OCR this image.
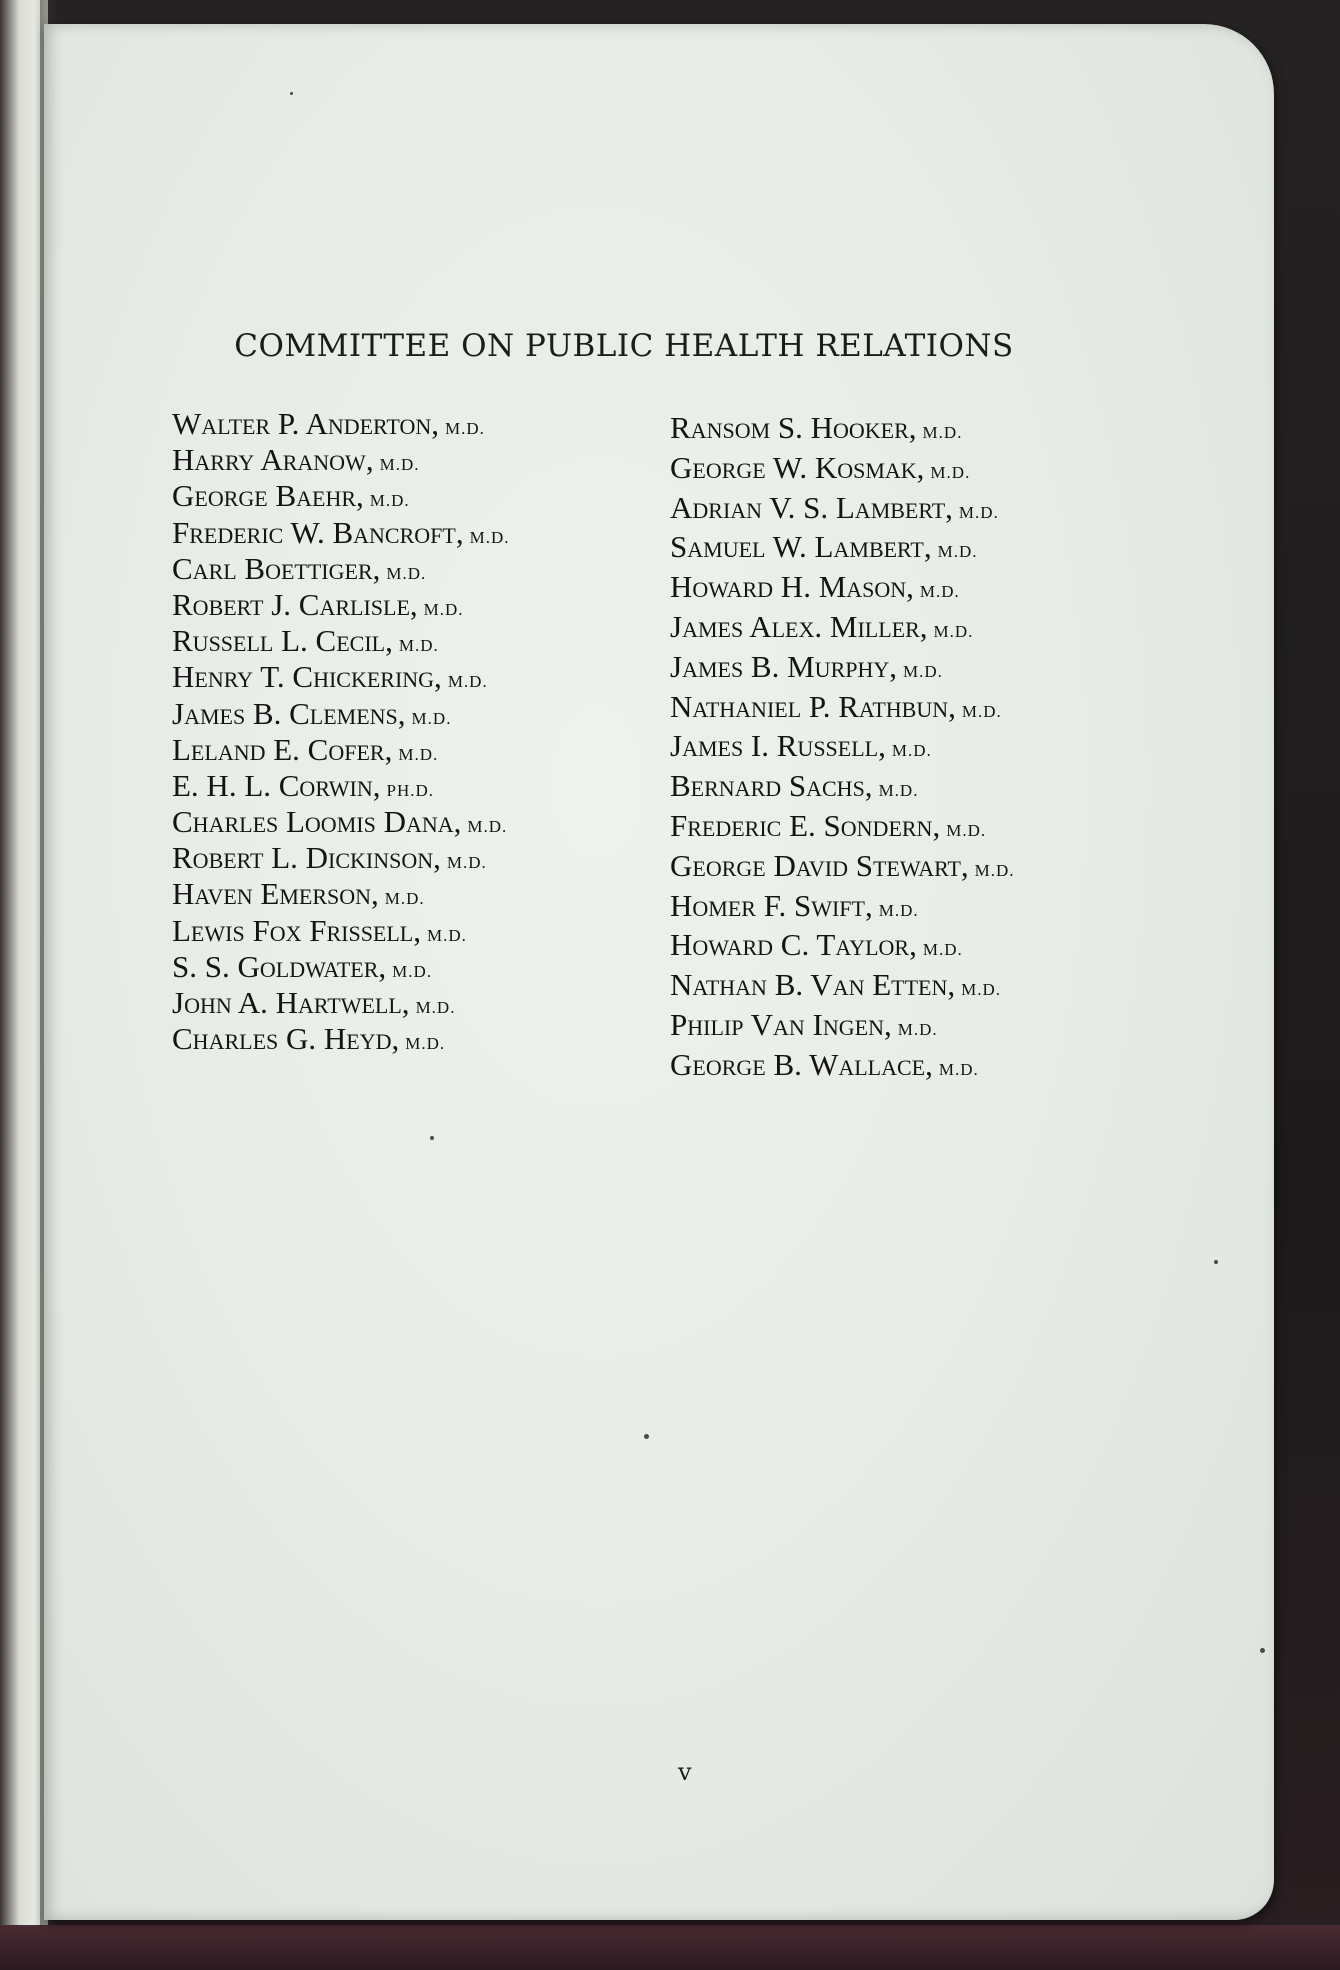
COMMITTEE ON PUBLIC HEALTH RELATIONS
Walter P. Anderton, m.d.
Harry Aranow, m.d.
George Baehr, m.d.
Frederic W. Bancroft, m.d.
Carl Boettiger, m.d.
Robert J. Carlisle, m.d.
Russell L. Cecil, m.d.
Henry T. Chickering, m.d.
James B. Clemens, m.d.
Leland E. Cofer, m.d.
E. H. L. Corwin, ph.d.
Charles Loomis Dana, m.d.
Robert L. Dickinson, m.d.
Haven Emerson, m.d.
Lewis Fox Frissell, m.d.
S. S. Goldwater, m.d.
John A. Hartwell, m.d.
Charles G. Heyd, m.d.
Ransom S. Hooker, m.d.
George W. Kosmak, m.d.
Adrian V. S. Lambert, m.d.
Samuel W. Lambert, m.d.
Howard H. Mason, m.d.
James Alex. Miller, m.d.
James B. Murphy, m.d.
Nathaniel P. Rathbun, m.d.
James I. Russell, m.d.
Bernard Sachs, m.d.
Frederic E. Sondern, m.d.
George David Stewart, m.d.
Homer F. Swift, m.d.
Howard C. Taylor, m.d.
Nathan B. Van Etten, m.d.
Philip Van Ingen, m.d.
George B. Wallace, m.d.

v
